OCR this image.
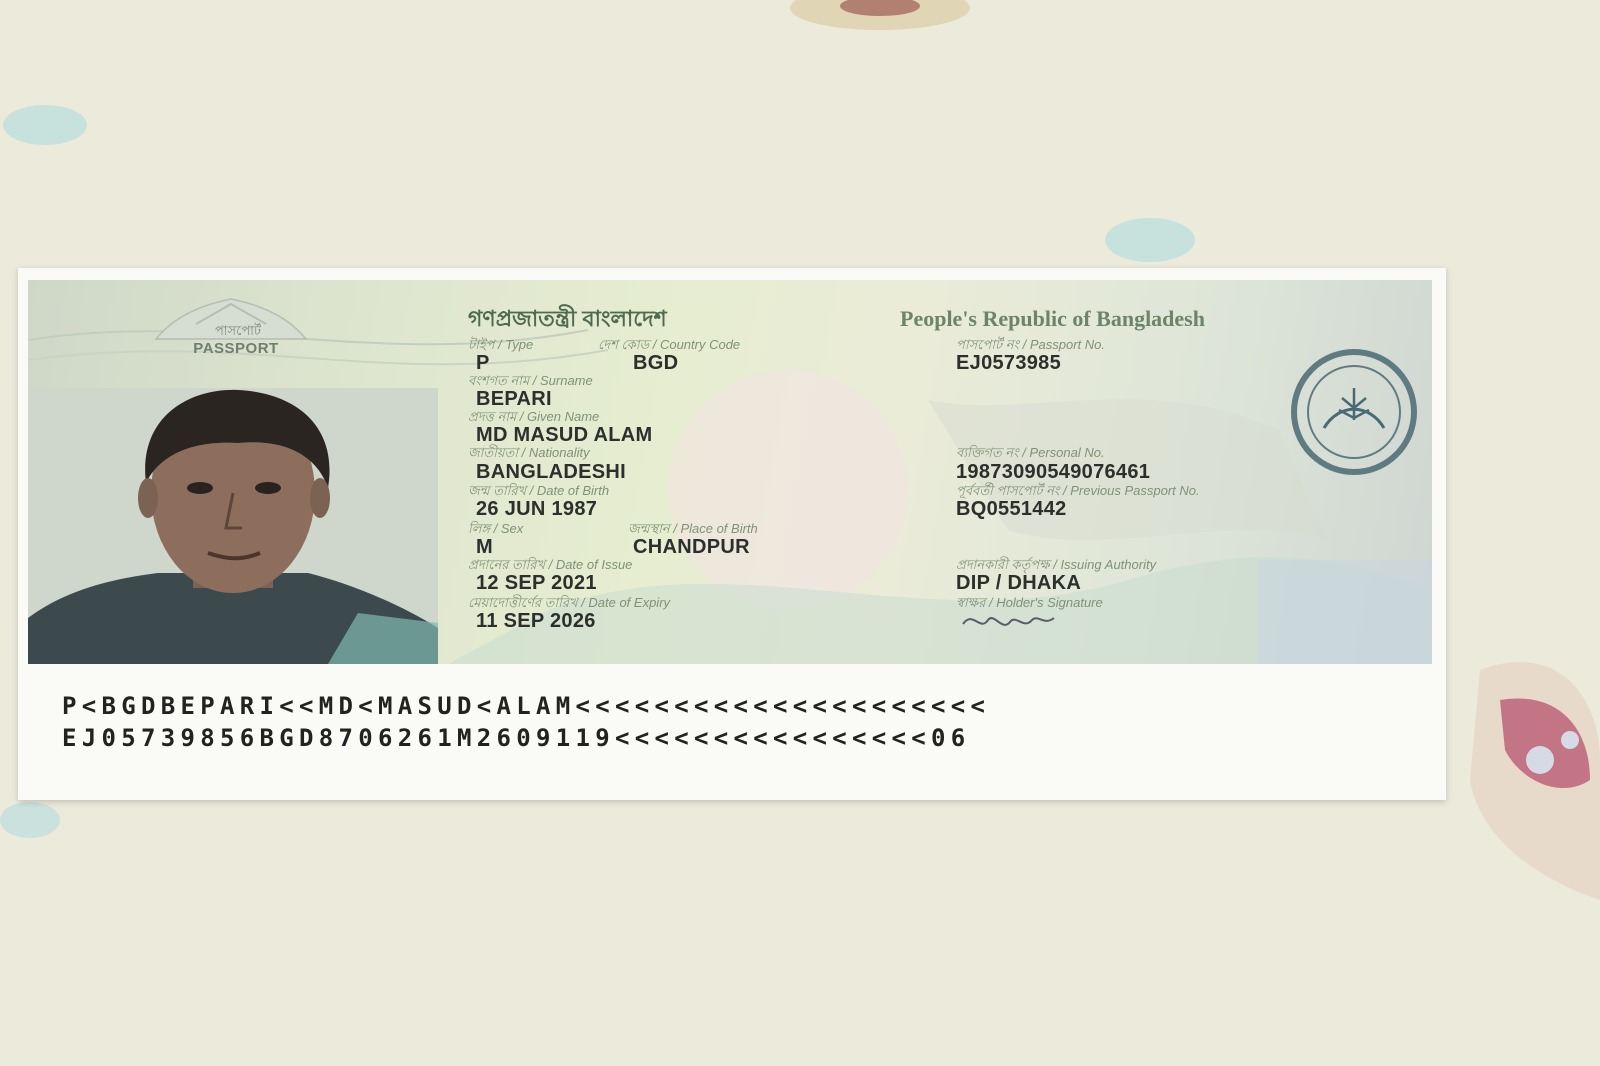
পাসপোর্ট
PASSPORT
গণপ্রজাতন্ত্রী বাংলাদেশ	People's Republic of Bangladesh
টাইপ / Type
P
দেশ কোড / Country Code
BGD
পাসপোর্ট নং / Passport No.
EJ0573985
বংশগত নাম / Surname
BEPARI
প্রদত্ত নাম / Given Name
MD MASUD ALAM
জাতীয়তা / Nationality
BANGLADESHI
ব্যক্তিগত নং / Personal No.
19873090549076461
জন্ম তারিখ / Date of Birth
26 JUN 1987
পূর্ববর্তী পাসপোর্ট নং / Previous Passport No.
BQ0551442
লিঙ্গ / Sex
M
জন্মস্থান / Place of Birth
CHANDPUR
প্রদানের তারিখ / Date of Issue
12 SEP 2021
প্রদানকারী কর্তৃপক্ষ / Issuing Authority
DIP / DHAKA
মেয়াদোত্তীর্ণের তারিখ / Date of Expiry
11 SEP 2026
স্বাক্ষর / Holder's Signature
P<BGDBEPARI<<MD<MASUD<ALAM<<<<<<<<<<<<<<<<<<<<<
EJ05739856BGD8706261M2609119<<<<<<<<<<<<<<<<06
